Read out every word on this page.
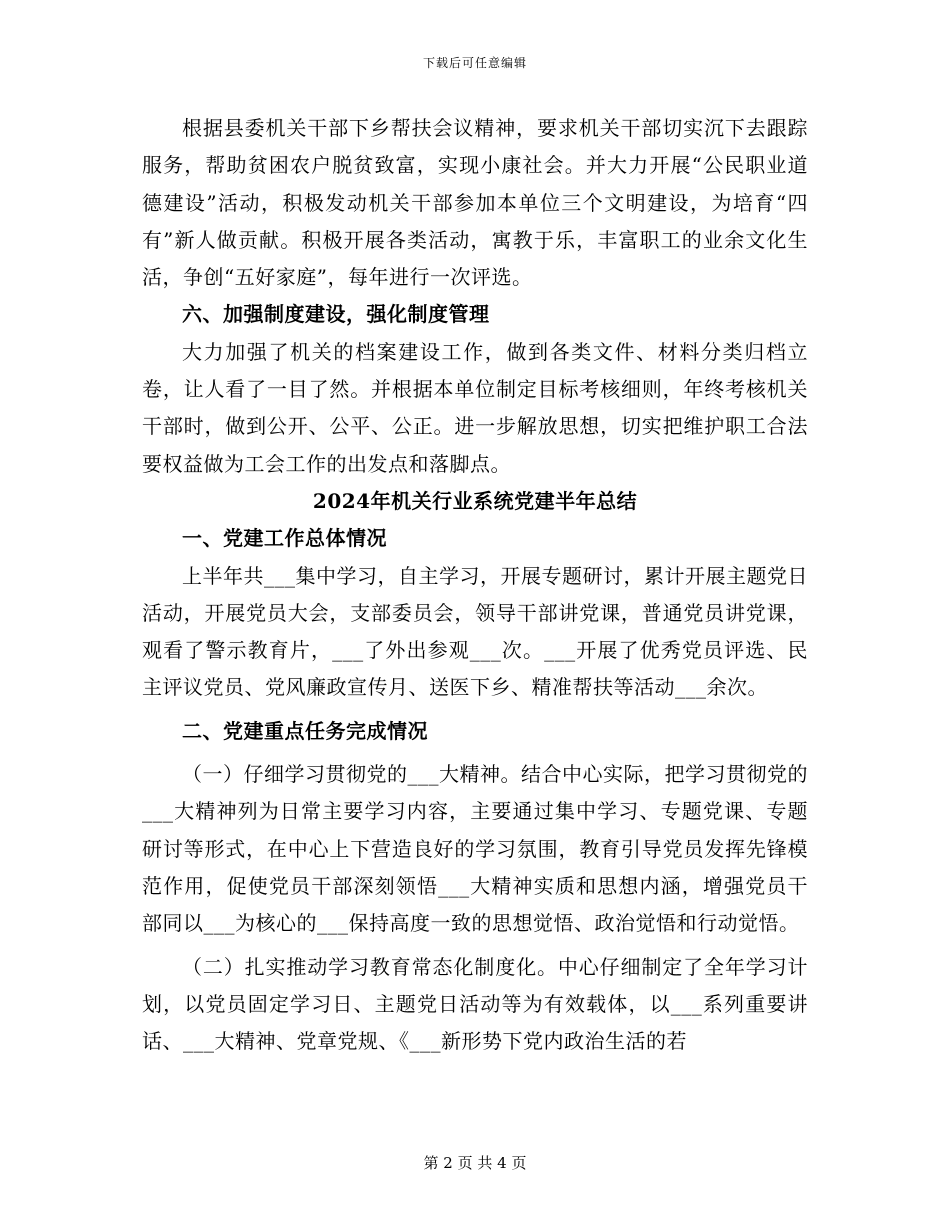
下载后可任意编辑

根据县委机关干部下乡帮扶会议精神，要求机关干部切实沉下去跟踪服务，帮助贫困农户脱贫致富，实现小康社会。并大力开展“公民职业道德建设”活动，积极发动机关干部参加本单位三个文明建设，为培育“四有”新人做贡献。积极开展各类活动，寓教于乐，丰富职工的业余文化生活，争创“五好家庭”，每年进行一次评选。

六、加强制度建设，强化制度管理

大力加强了机关的档案建设工作，做到各类文件、材料分类归档立卷，让人看了一目了然。并根据本单位制定目标考核细则，年终考核机关干部时，做到公开、公平、公正。进一步解放思想，切实把维护职工合法要权益做为工会工作的出发点和落脚点。

2024年机关行业系统党建半年总结

一、党建工作总体情况

上半年共___集中学习，自主学习，开展专题研讨，累计开展主题党日活动，开展党员大会，支部委员会，领导干部讲党课，普通党员讲党课，观看了警示教育片，___了外出参观___次。___开展了优秀党员评选、民主评议党员、党风廉政宣传月、送医下乡、精准帮扶等活动___余次。

二、党建重点任务完成情况

（一）仔细学习贯彻党的___大精神。结合中心实际，把学习贯彻党的___大精神列为日常主要学习内容，主要通过集中学习、专题党课、专题研讨等形式，在中心上下营造良好的学习氛围，教育引导党员发挥先锋模范作用，促使党员干部深刻领悟___大精神实质和思想内涵，增强党员干部同以___为核心的___保持高度一致的思想觉悟、政治觉悟和行动觉悟。

（二）扎实推动学习教育常态化制度化。中心仔细制定了全年学习计划，以党员固定学习日、主题党日活动等为有效载体，以___系列重要讲话、___大精神、党章党规、《___新形势下党内政治生活的若

第 2 页 共 4 页
